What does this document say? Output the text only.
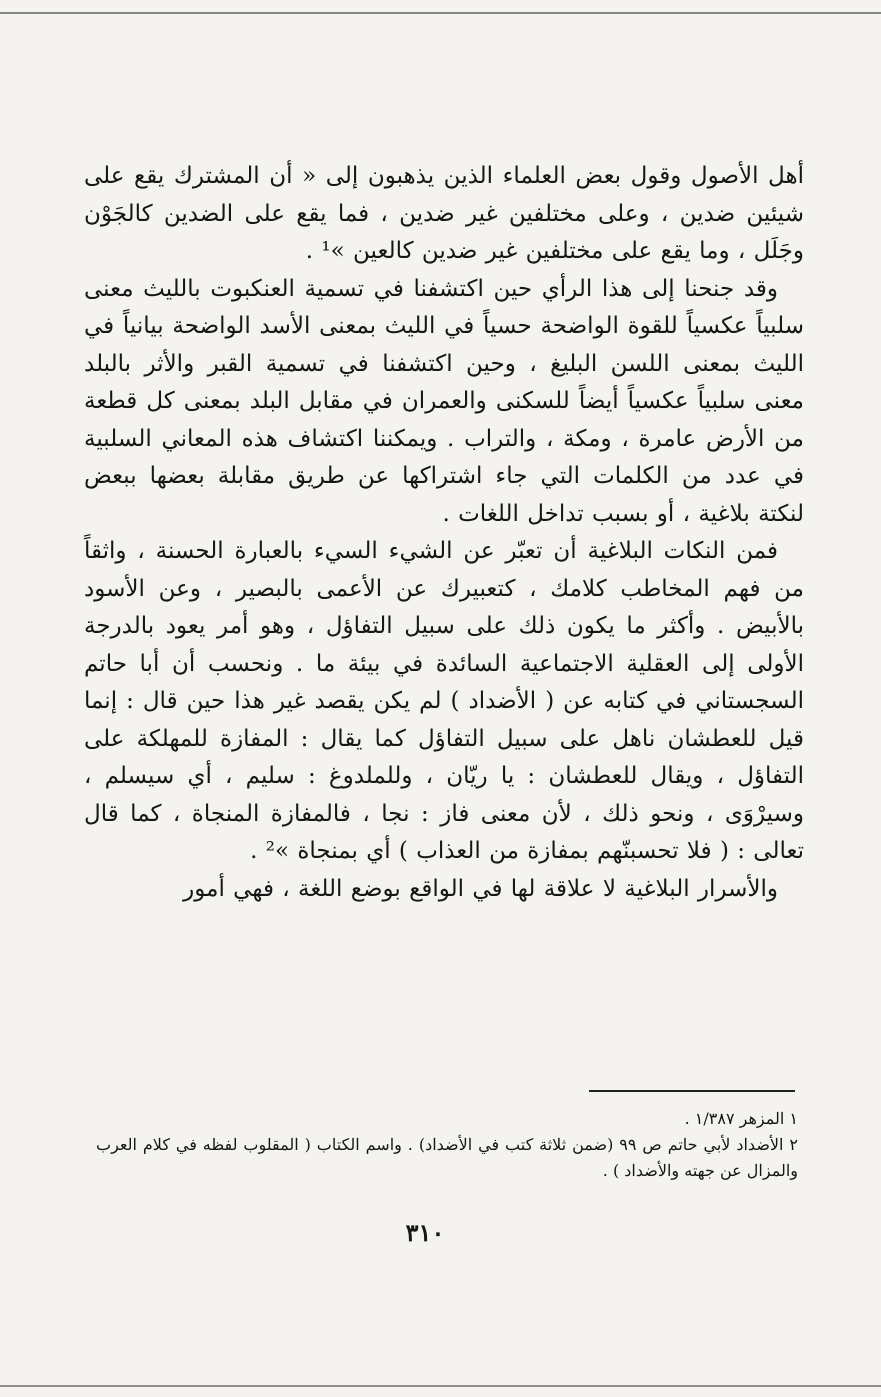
أهل الأصول وقول بعض العلماء الذين يذهبون إلى « أن المشترك يقع على شيئين ضدين ، وعلى مختلفين غير ضدين ، فما يقع على الضدين كالجَوْن وجَلَل ، وما يقع على مختلفين غير ضدين كالعين »¹ .

وقد جنحنا إلى هذا الرأي حين اكتشفنا في تسمية العنكبوت بالليث معنى سلبياً عكسياً للقوة الواضحة حسياً في الليث بمعنى الأسد الواضحة بيانياً في الليث بمعنى اللسن البليغ ، وحين اكتشفنا في تسمية القبر والأثر بالبلد معنى سلبياً عكسياً أيضاً للسكنى والعمران في مقابل البلد بمعنى كل قطعة من الأرض عامرة ، ومكة ، والتراب . ويمكننا اكتشاف هذه المعاني السلبية في عدد من الكلمات التي جاء اشتراكها عن طريق مقابلة بعضها ببعض لنكتة بلاغية ، أو بسبب تداخل اللغات .

فمن النكات البلاغية أن تعبّر عن الشيء السيء بالعبارة الحسنة ، واثقاً من فهم المخاطب كلامك ، كتعبيرك عن الأعمى بالبصير ، وعن الأسود بالأبيض . وأكثر ما يكون ذلك على سبيل التفاؤل ، وهو أمر يعود بالدرجة الأولى إلى العقلية الاجتماعية السائدة في بيئة ما . ونحسب أن أبا حاتم السجستاني في كتابه عن ( الأضداد ) لم يكن يقصد غير هذا حين قال : إنما قيل للعطشان ناهل على سبيل التفاؤل كما يقال : المفازة للمهلكة على التفاؤل ، ويقال للعطشان : يا ريّان ، وللملدوغ : سليم ، أي سيسلم ، وسيرْوَى ، ونحو ذلك ، لأن معنى فاز : نجا ، فالمفازة المنجاة ، كما قال تعالى : ( فلا تحسبنّهم بمفازة من العذاب ) أي بمنجاة »² .

والأسرار البلاغية لا علاقة لها في الواقع بوضع اللغة ، فهي أمور

١ المزهر ١/٣٨٧ .

٢ الأضداد لأبي حاتم ص ٩٩ (ضمن ثلاثة كتب في الأضداد) . واسم الكتاب ( المقلوب لفظه في كلام العرب والمزال عن جهته والأضداد ) .

٣١٠
